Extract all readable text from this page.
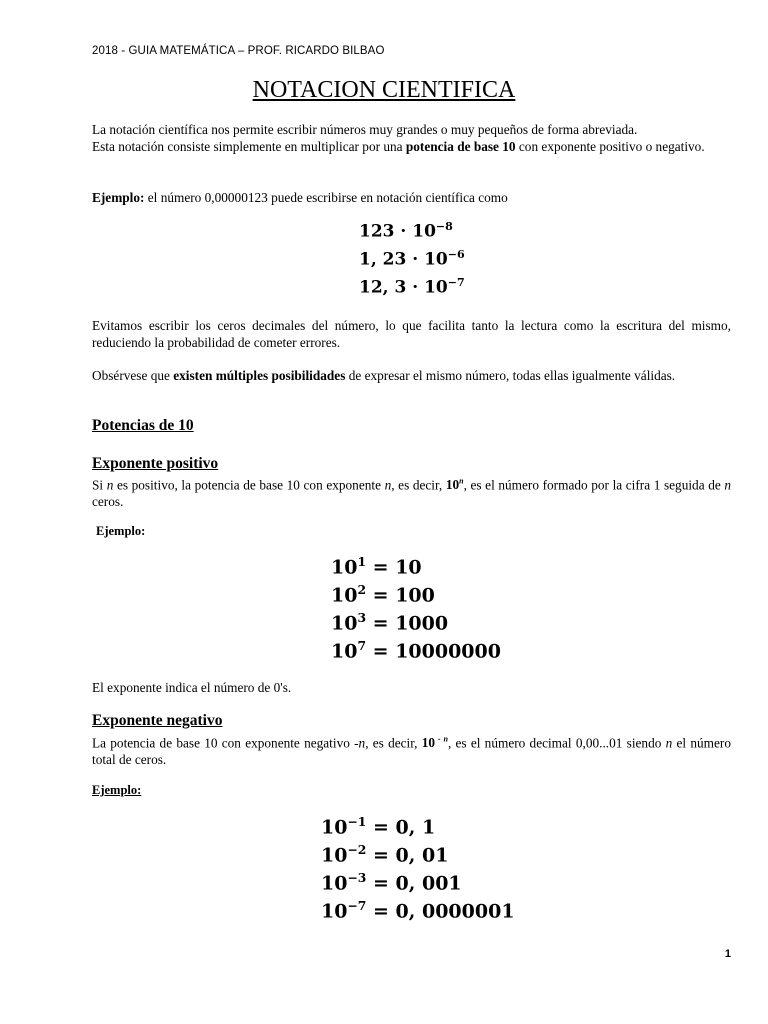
2018 - GUIA MATEMÁTICA – PROF. RICARDO BILBAO
NOTACION CIENTIFICA
La notación científica nos permite escribir números muy grandes o muy pequeños de forma abreviada.
Esta notación consiste simplemente en multiplicar por una potencia de base 10 con exponente positivo o negativo.
Ejemplo: el número 0,00000123 puede escribirse en notación científica como
$123 \cdot 10^{-8}$
1, $23 \cdot 10^{-6}$
12, $3 \cdot 10^{-7}$
Evitamos escribir los ceros decimales del número, lo que facilita tanto la lectura como la escritura del mismo, reduciendo la probabilidad de cometer errores.
Obsérvese que existen múltiples posibilidades de expresar el mismo número, todas ellas igualmente válidas.
Potencias de 10
Exponente positivo
Si n es positivo, la potencia de base 10 con exponente n, es decir, 10$^n$, es el número formado por la cifra 1 seguida de n ceros.
Ejemplo:
$10^1 = 10$
$10^2 = 100$
$10^3 = 1000$
$10^7 = 10000000$
El exponente indica el número de 0's.
Exponente negativo
La potencia de base 10 con exponente negativo -n, es decir, 10 $^{- n}$, es el número decimal 0,00...01 siendo n el número total de ceros.
Ejemplo:
$10^{-1} = 0$, 1
$10^{-2} = 0$, 01
$10^{-3} = 0$, 001
$10^{-7} = 0$, 0000001
1
